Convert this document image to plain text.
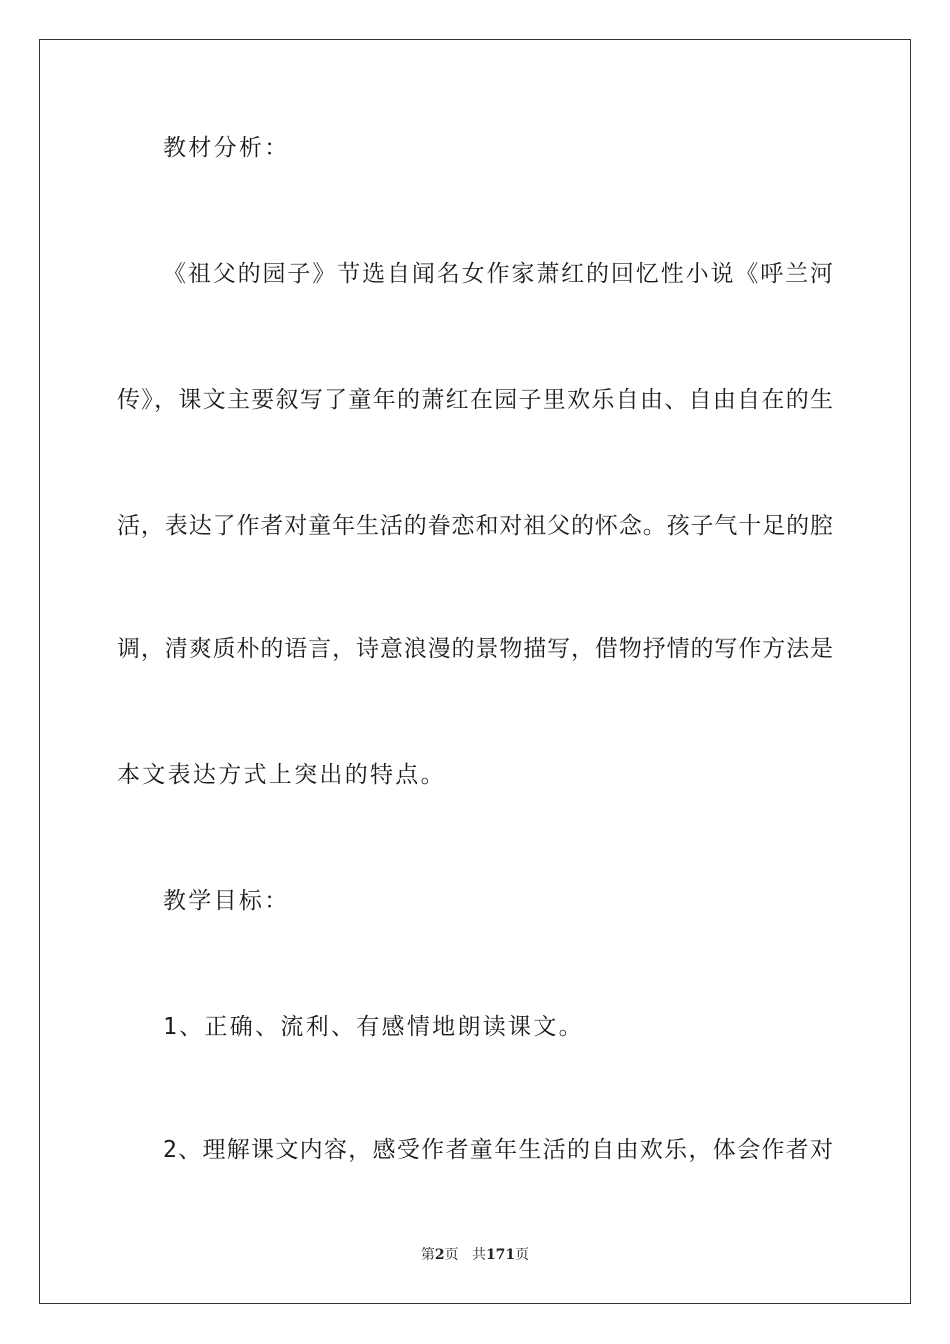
教材分析：
《祖父的园子》节选自闻名女作家萧红的回忆性小说《呼兰河
传》，课文主要叙写了童年的萧红在园子里欢乐自由、自由自在的生
活，表达了作者对童年生活的眷恋和对祖父的怀念。孩子气十足的腔
调，清爽质朴的语言，诗意浪漫的景物描写，借物抒情的写作方法是
本文表达方式上突出的特点。
教学目标：
1、正确、流利、有感情地朗读课文。
2、理解课文内容，感受作者童年生活的自由欢乐，体会作者对
第2页 共171页
